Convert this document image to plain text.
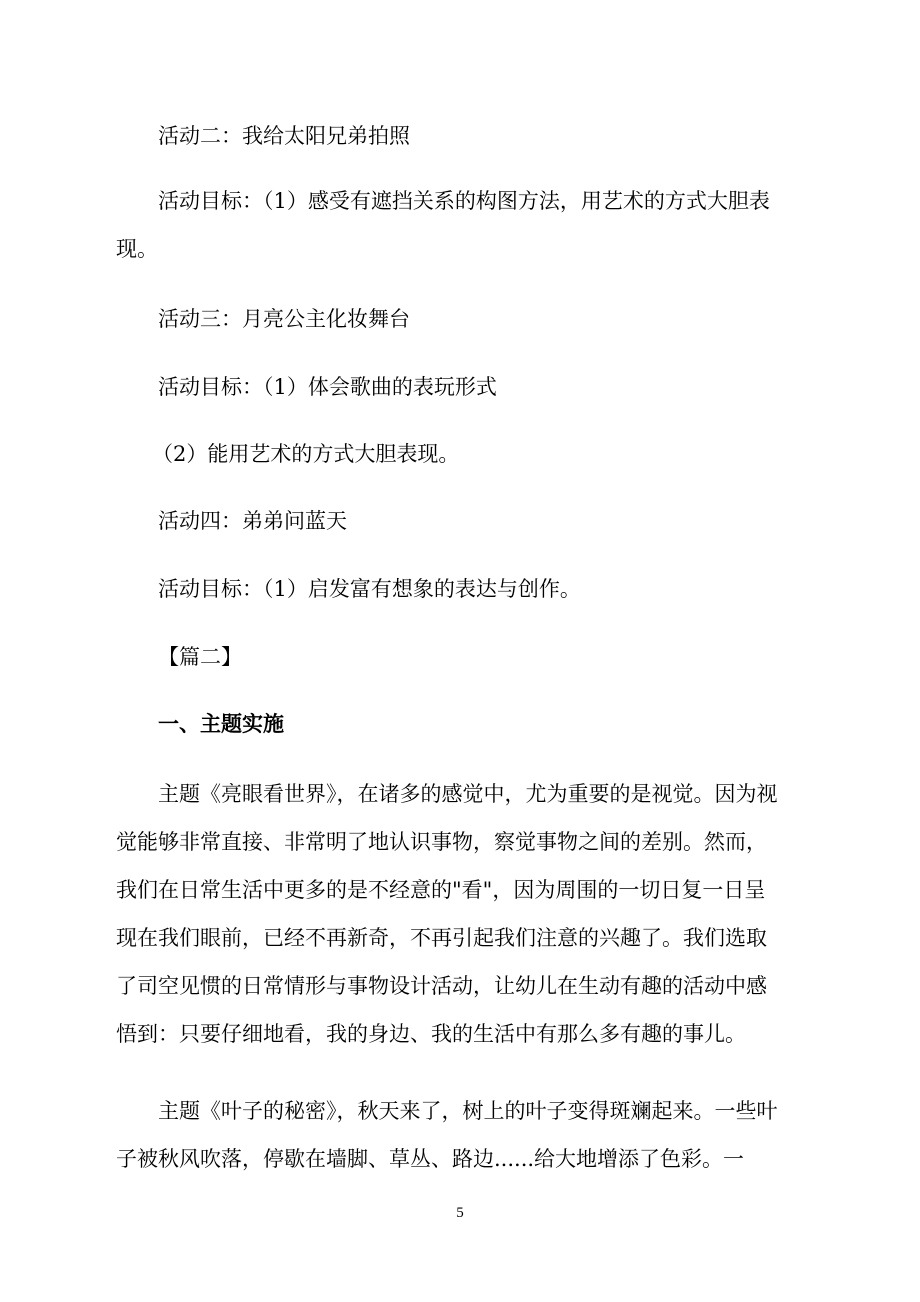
活动二：我给太阳兄弟拍照
活动目标：（1）感受有遮挡关系的构图方法，用艺术的方式大胆表
现。
活动三：月亮公主化妆舞台
活动目标：（1）体会歌曲的表玩形式
（2）能用艺术的方式大胆表现。
活动四：弟弟问蓝天
活动目标：（1）启发富有想象的表达与创作。
【篇二】
一、主题实施

主题《亮眼看世界》，在诸多的感觉中，尤为重要的是视觉。因为视

觉能够非常直接、非常明了地认识事物，察觉事物之间的差别。然而，

我们在日常生活中更多的是不经意的"看"，因为周围的一切日复一日呈

现在我们眼前，已经不再新奇，不再引起我们注意的兴趣了。我们选取

了司空见惯的日常情形与事物设计活动，让幼儿在生动有趣的活动中感

悟到：只要仔细地看，我的身边、我的生活中有那么多有趣的事儿。

主题《叶子的秘密》，秋天来了，树上的叶子变得斑斓起来。一些叶

子被秋风吹落，停歇在墙脚、草丛、路边......给大地增添了色彩。一

5
